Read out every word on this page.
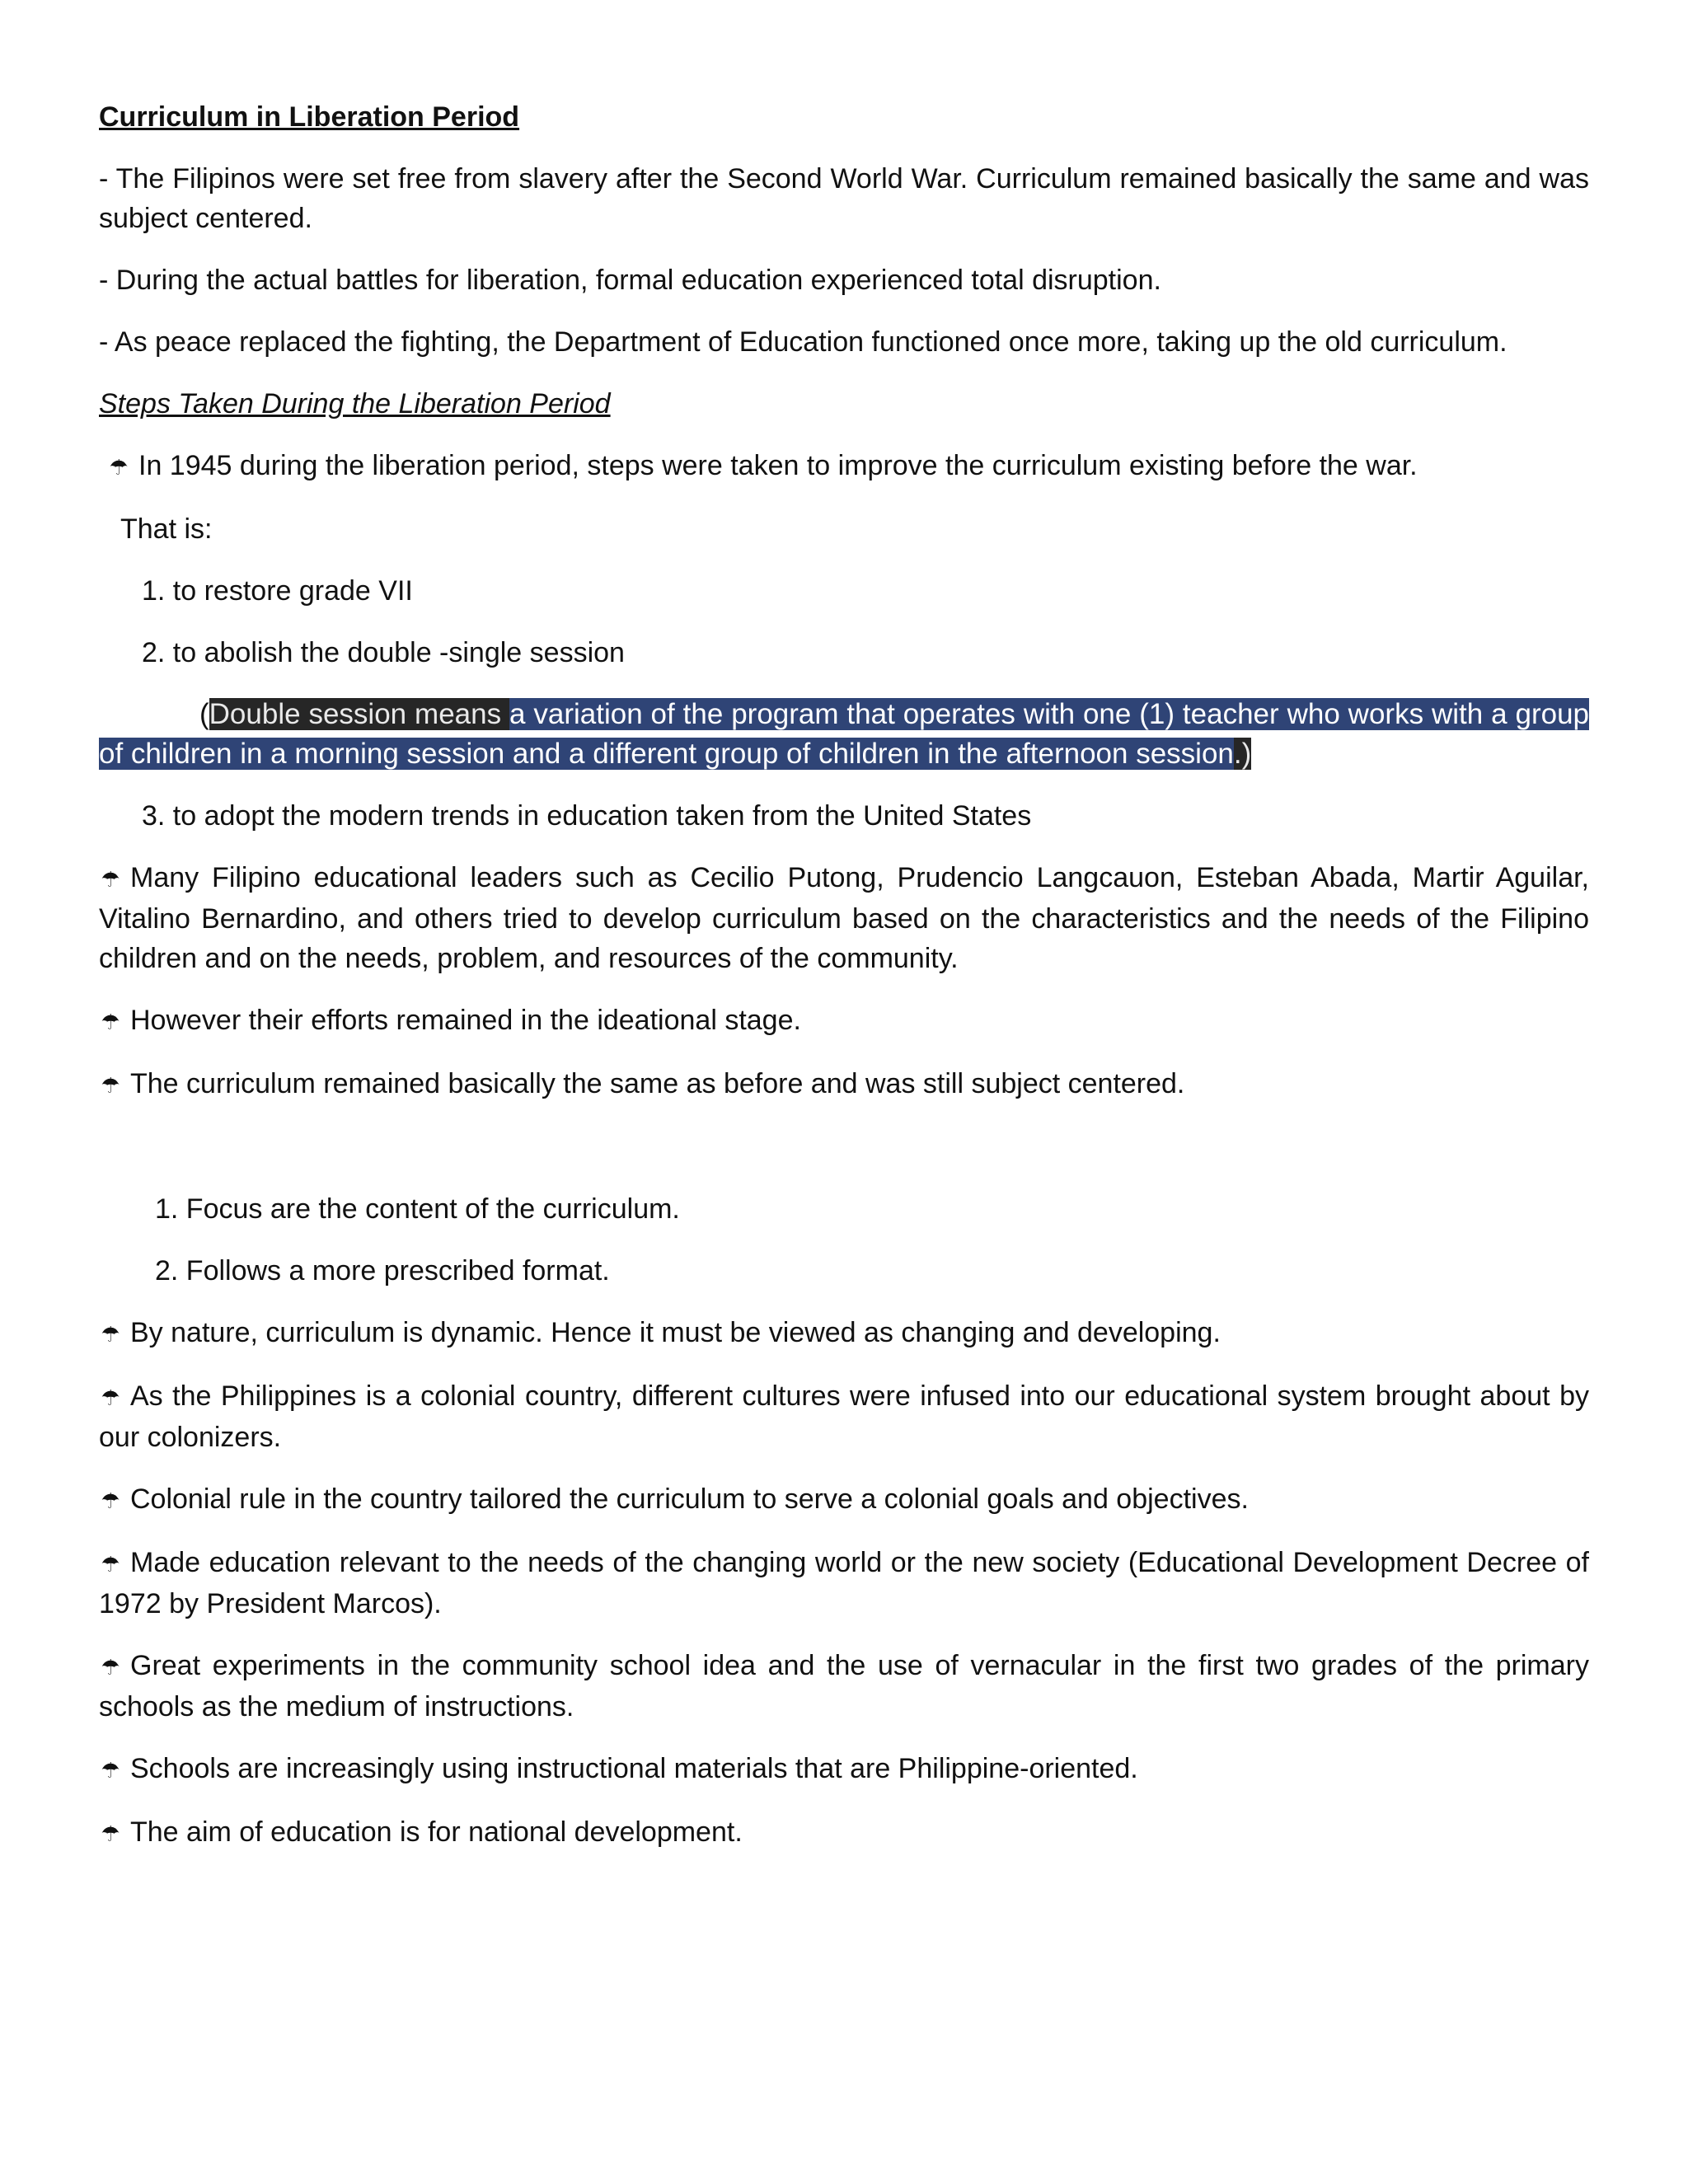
Curriculum in Liberation Period

- The Filipinos were set free from slavery after the Second World War. Curriculum remained basically the same and was subject centered.

- During the actual battles for liberation, formal education experienced total disruption.

- As peace replaced the fighting, the Department of Education functioned once more, taking up the old curriculum.

Steps Taken During the Liberation Period

☂ In 1945 during the liberation period, steps were taken to improve the curriculum existing before the war.

That is:

1. to restore grade VII

2. to abolish the double -single session

(Double session means a variation of the program that operates with one (1) teacher who works with a group of children in a morning session and a different group of children in the afternoon session.)

3. to adopt the modern trends in education taken from the United States

☂ Many Filipino educational leaders such as Cecilio Putong, Prudencio Langcauon, Esteban Abada, Martir Aguilar, Vitalino Bernardino, and others tried to develop curriculum based on the characteristics and the needs of the Filipino children and on the needs, problem, and resources of the community.

☂ However their efforts remained in the ideational stage.

☂ The curriculum remained basically the same as before and was still subject centered.

1. Focus are the content of the curriculum.

2. Follows a more prescribed format.

☂ By nature, curriculum is dynamic. Hence it must be viewed as changing and developing.

☂ As the Philippines is a colonial country, different cultures were infused into our educational system brought about by our colonizers.

☂ Colonial rule in the country tailored the curriculum to serve a colonial goals and objectives.

☂ Made education relevant to the needs of the changing world or the new society (Educational Development Decree of 1972 by President Marcos).

☂ Great experiments in the community school idea and the use of vernacular in the first two grades of the primary schools as the medium of instructions.

☂ Schools are increasingly using instructional materials that are Philippine-oriented.

☂ The aim of education is for national development.
